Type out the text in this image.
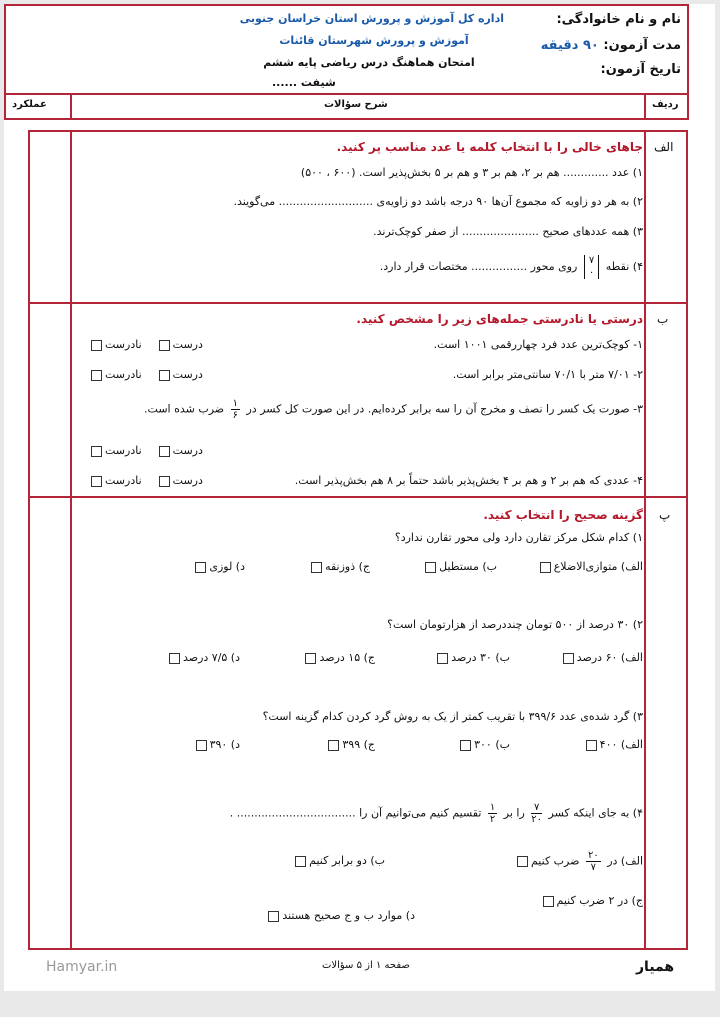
نام و نام خانوادگی:
مدت آزمون: ۹۰ دقیقه
تاریخ آزمون:
اداره کل آموزش و پرورش استان خراسان جنوبی
آموزش و پرورش شهرستان قائنات
امتحان هماهنگ درس ریاضی پایه ششم
شیفت ......
ردیف
شرح سؤالات
عملکرد
الف
جاهای خالی را با انتخاب کلمه یا عدد مناسب پر کنید.
۱) عدد ............. هم بر ۲، هم بر ۳ و هم بر ۵ بخش‌پذیر است. (۶۰۰ ، ۵۰۰)
۲) به هر دو زاویه که مجموع آن‌ها ۹۰ درجه باشد دو زاویه‌ی ........................... می‌گویند.
۳) همه عددهای صحیح ...................... از صفر کوچک‌ترند.
۴) نقطه
۷
۰
روی محور ................ مختصات قرار دارد.
ب
درستی یا نادرستی جمله‌های زیر را مشخص کنید.
۱- کوچک‌ترین عدد فرد چهاررقمی ۱۰۰۱ است.
درست    نادرست
۲- ۷/۰۱ متر با ۷۰/۱ سانتی‌متر برابر است.
درست    نادرست
۳- صورت یک کسر را نصف و مخرج آن را سه برابر کرده‌ایم. در این صورت کل کسر در
$\frac{۱}{۶}$
ضرب شده است.
درست    نادرست
۴- عددی که هم بر ۲ و هم بر ۴ بخش‌پذیر باشد حتماً بر ۸ هم بخش‌پذیر است.
درست    نادرست
پ
گزینه صحیح را انتخاب کنید.
۱) کدام شکل مرکز تقارن دارد ولی محور تقارن ندارد؟
الف) متوازی‌الاضلاع
ب) مستطیل
ج) ذوزنقه
د) لوزی
۲) ۳۰ درصد از ۵۰۰ تومان چنددرصد از هزارتومان است؟
الف) ۶۰ درصد
ب) ۳۰ درصد
ج) ۱۵ درصد
د) ۷/۵ درصد
۳) گرد شده‌ی عدد ۳۹۹/۶ با تقریب کمتر از یک به روش گرد کردن کدام گزینه است؟
الف) ۴۰۰
ب) ۳۰۰
ج) ۳۹۹
د) ۳۹۰
۴) به جای اینکه کسر
$\frac{۷}{۲۰}$
را بر
$\frac{۱}{۲}$
تقسیم کنیم می‌توانیم آن را .................................. .
الف) در
$\frac{۲۰}{۷}$
ضرب کنیم
ب) دو برابر کنیم
ج) در ۲ ضرب کنیم
د) موارد ب و ج صحیح هستند
Hamyar.in	صفحه ۱ از ۵ سؤالات	همیار
